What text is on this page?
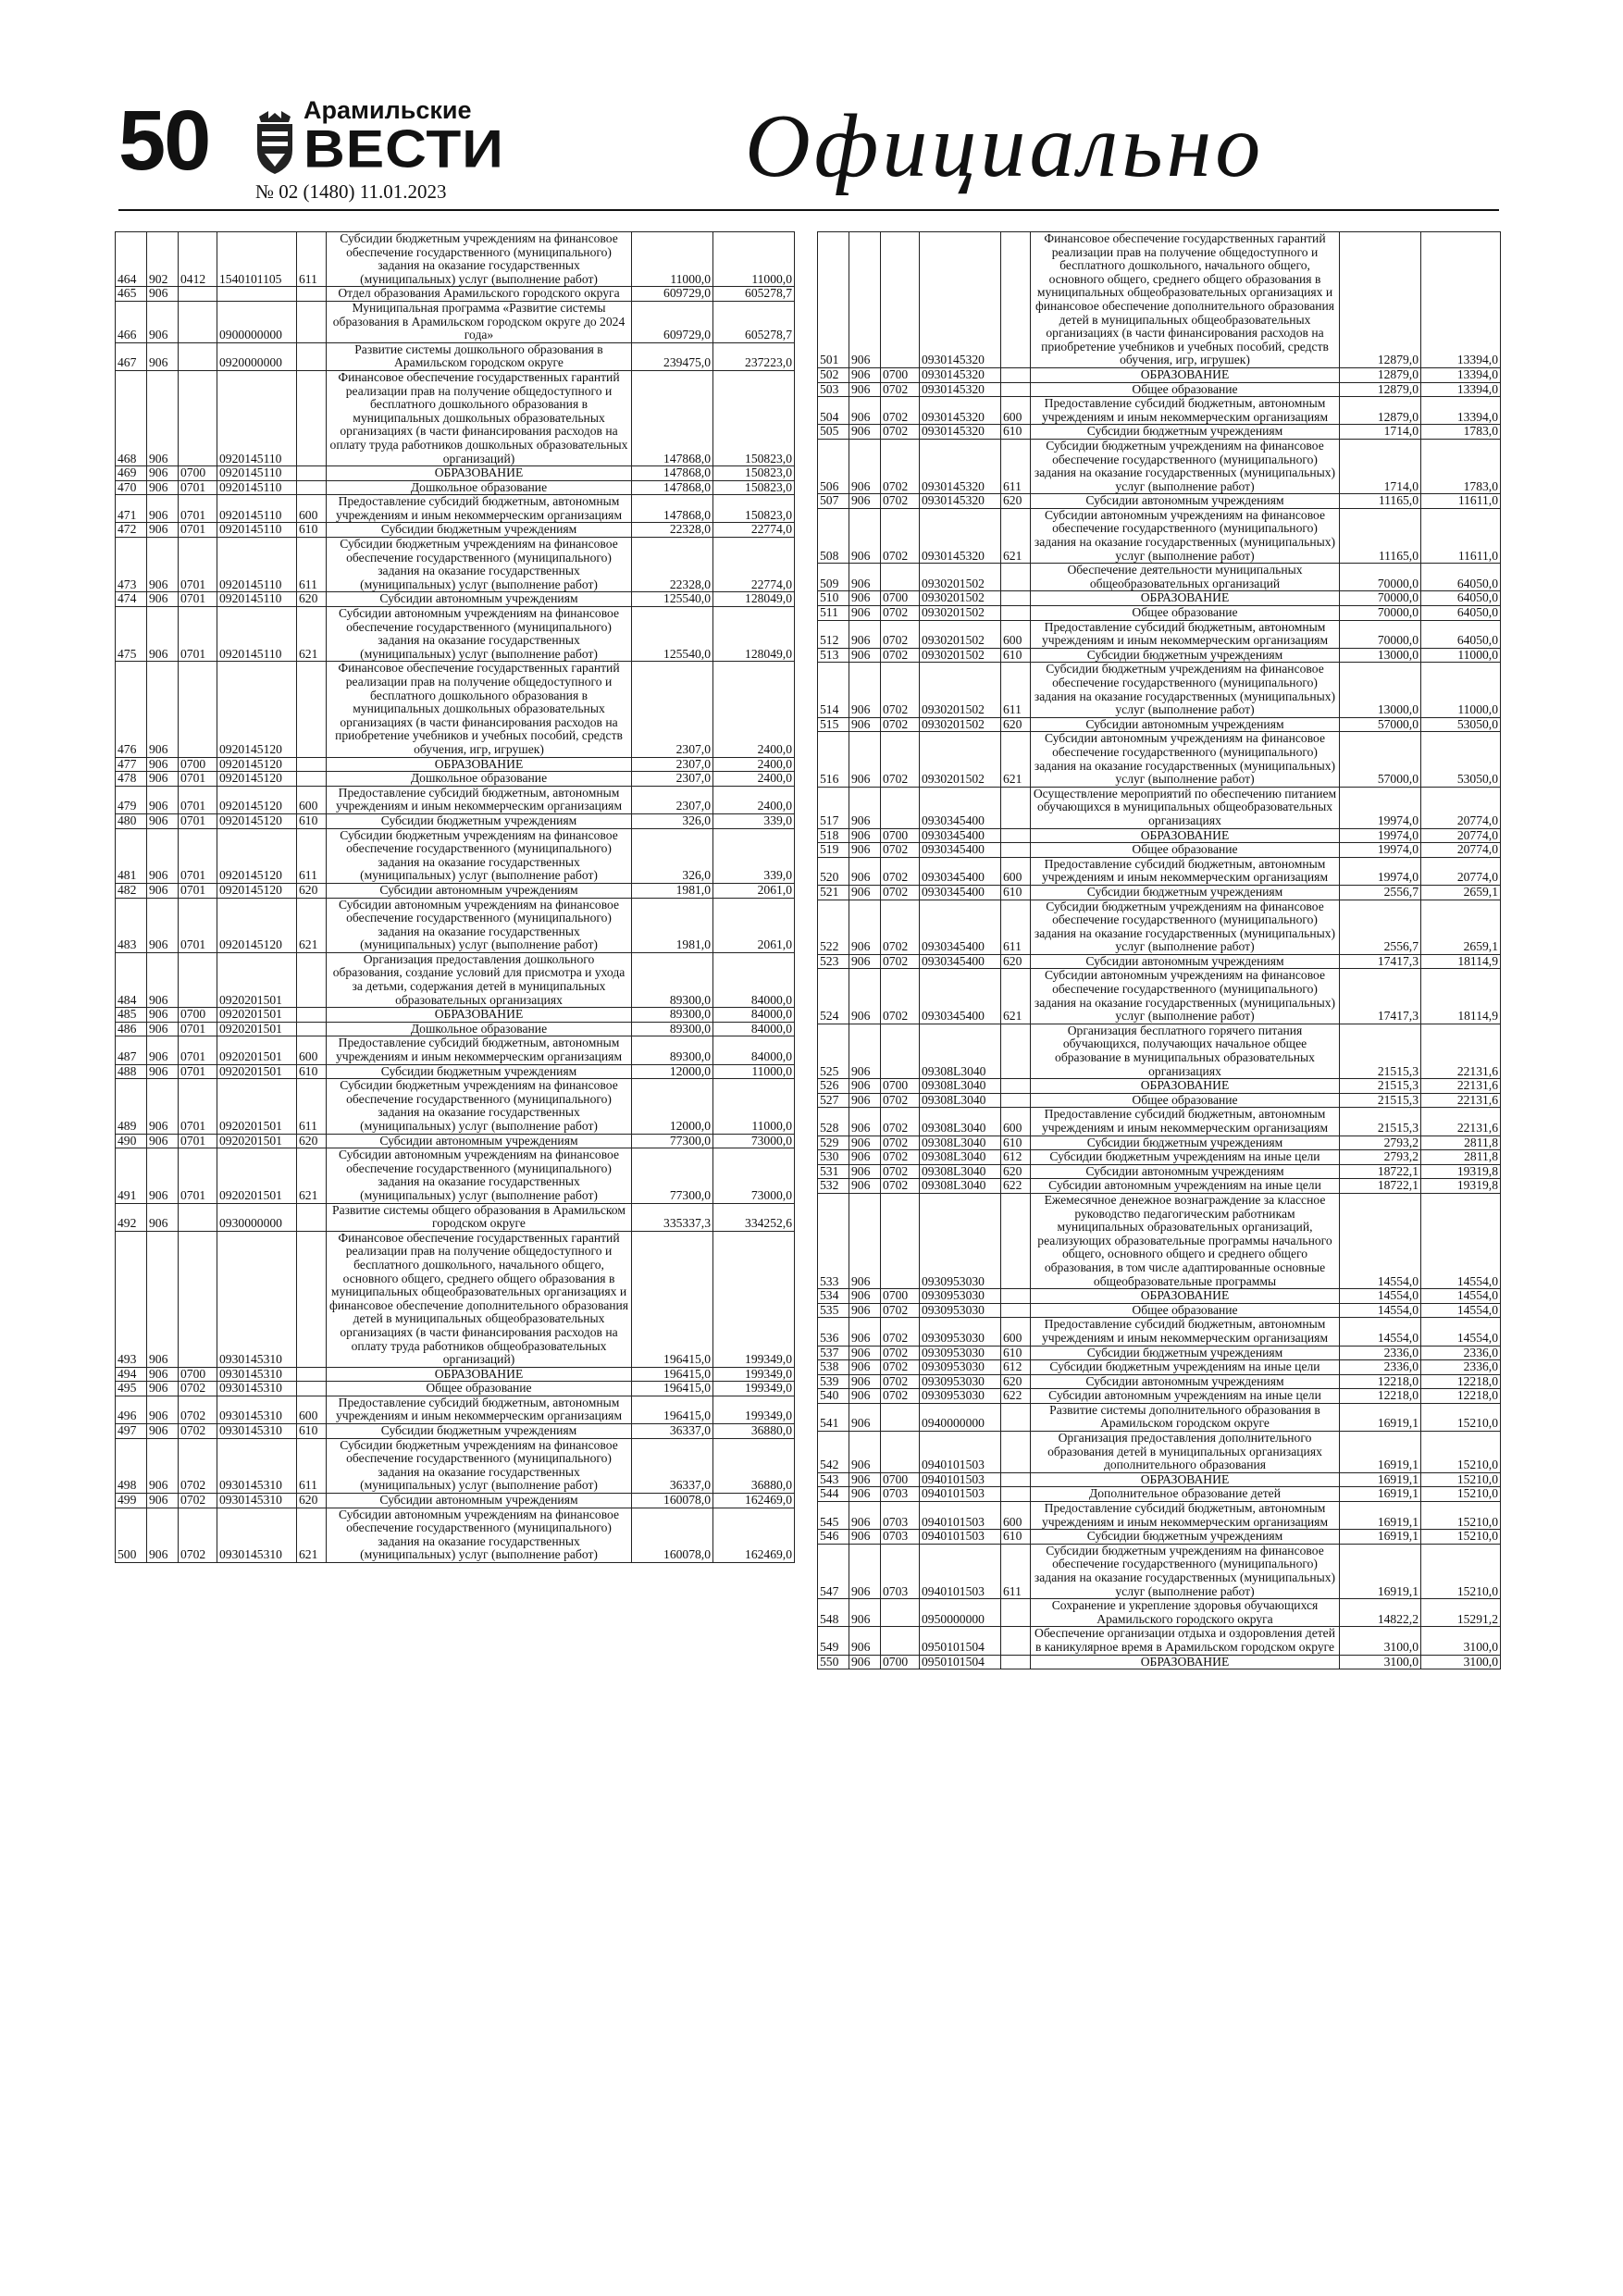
50	Арамильские
ВЕСТИ
№ 02 (1480) 11.01.2023	Официально
464	902	0412	1540101105	611	Субсидии бюджетным учреждениям на финансовое обеспечение государственного (муниципального) задания на оказание государственных (муниципальных) услуг (выполнение работ)	11000,0	11000,0
465	906				Отдел образования Арамильского городского округа	609729,0	605278,7
466	906		0900000000		Муниципальная программа «Развитие системы образования в Арамильском городском округе до 2024 года»	609729,0	605278,7
467	906		0920000000		Развитие системы дошкольного образования в Арамильском городском округе	239475,0	237223,0
468	906		0920145110		Финансовое обеспечение государственных гарантий реализации прав на получение общедоступного и бесплатного дошкольного образования в муниципальных дошкольных образовательных организациях (в части финансирования расходов на оплату труда работников дошкольных образовательных организаций)	147868,0	150823,0
469	906	0700	0920145110		ОБРАЗОВАНИЕ	147868,0	150823,0
470	906	0701	0920145110		Дошкольное образование	147868,0	150823,0
471	906	0701	0920145110	600	Предоставление субсидий бюджетным, автономным учреждениям и иным некоммерческим организациям	147868,0	150823,0
472	906	0701	0920145110	610	Субсидии бюджетным учреждениям	22328,0	22774,0
473	906	0701	0920145110	611	Субсидии бюджетным учреждениям на финансовое обеспечение государственного (муниципального) задания на оказание государственных (муниципальных) услуг (выполнение работ)	22328,0	22774,0
474	906	0701	0920145110	620	Субсидии автономным учреждениям	125540,0	128049,0
475	906	0701	0920145110	621	Субсидии автономным учреждениям на финансовое обеспечение государственного (муниципального) задания на оказание государственных (муниципальных) услуг (выполнение работ)	125540,0	128049,0
476	906		0920145120		Финансовое обеспечение государственных гарантий реализации прав на получение общедоступного и бесплатного дошкольного образования в муниципальных дошкольных образовательных организациях (в части финансирования расходов на приобретение учебников и учебных пособий, средств обучения, игр, игрушек)	2307,0	2400,0
477	906	0700	0920145120		ОБРАЗОВАНИЕ	2307,0	2400,0
478	906	0701	0920145120		Дошкольное образование	2307,0	2400,0
479	906	0701	0920145120	600	Предоставление субсидий бюджетным, автономным учреждениям и иным некоммерческим организациям	2307,0	2400,0
480	906	0701	0920145120	610	Субсидии бюджетным учреждениям	326,0	339,0
481	906	0701	0920145120	611	Субсидии бюджетным учреждениям на финансовое обеспечение государственного (муниципального) задания на оказание государственных (муниципальных) услуг (выполнение работ)	326,0	339,0
482	906	0701	0920145120	620	Субсидии автономным учреждениям	1981,0	2061,0
483	906	0701	0920145120	621	Субсидии автономным учреждениям на финансовое обеспечение государственного (муниципального) задания на оказание государственных (муниципальных) услуг (выполнение работ)	1981,0	2061,0
484	906		0920201501		Организация предоставления дошкольного образования, создание условий для присмотра и ухода за детьми, содержания детей в муниципальных образовательных организациях	89300,0	84000,0
485	906	0700	0920201501		ОБРАЗОВАНИЕ	89300,0	84000,0
486	906	0701	0920201501		Дошкольное образование	89300,0	84000,0
487	906	0701	0920201501	600	Предоставление субсидий бюджетным, автономным учреждениям и иным некоммерческим организациям	89300,0	84000,0
488	906	0701	0920201501	610	Субсидии бюджетным учреждениям	12000,0	11000,0
489	906	0701	0920201501	611	Субсидии бюджетным учреждениям на финансовое обеспечение государственного (муниципального) задания на оказание государственных (муниципальных) услуг (выполнение работ)	12000,0	11000,0
490	906	0701	0920201501	620	Субсидии автономным учреждениям	77300,0	73000,0
491	906	0701	0920201501	621	Субсидии автономным учреждениям на финансовое обеспечение государственного (муниципального) задания на оказание государственных (муниципальных) услуг (выполнение работ)	77300,0	73000,0
492	906		0930000000		Развитие системы общего образования в Арамильском городском округе	335337,3	334252,6
493	906		0930145310		Финансовое обеспечение государственных гарантий реализации прав на получение общедоступного и бесплатного дошкольного, начального общего, основного общего, среднего общего образования в муниципальных общеобразовательных организациях и финансовое обеспечение дополнительного образования детей в муниципальных общеобразовательных организациях (в части финансирования расходов на оплату труда работников общеобразовательных организаций)	196415,0	199349,0
494	906	0700	0930145310		ОБРАЗОВАНИЕ	196415,0	199349,0
495	906	0702	0930145310		Общее образование	196415,0	199349,0
496	906	0702	0930145310	600	Предоставление субсидий бюджетным, автономным учреждениям и иным некоммерческим организациям	196415,0	199349,0
497	906	0702	0930145310	610	Субсидии бюджетным учреждениям	36337,0	36880,0
498	906	0702	0930145310	611	Субсидии бюджетным учреждениям на финансовое обеспечение государственного (муниципального) задания на оказание государственных (муниципальных) услуг (выполнение работ)	36337,0	36880,0
499	906	0702	0930145310	620	Субсидии автономным учреждениям	160078,0	162469,0
500	906	0702	0930145310	621	Субсидии автономным учреждениям на финансовое обеспечение государственного (муниципального) задания на оказание государственных (муниципальных) услуг (выполнение работ)	160078,0	162469,0
501	906		0930145320		Финансовое обеспечение государственных гарантий реализации прав на получение общедоступного и бесплатного дошкольного, начального общего, основного общего, среднего общего образования в муниципальных общеобразовательных организациях и финансовое обеспечение дополнительного образования детей в муниципальных общеобразовательных организациях (в части финансирования расходов на приобретение учебников и учебных пособий, средств обучения, игр, игрушек)	12879,0	13394,0
502	906	0700	0930145320		ОБРАЗОВАНИЕ	12879,0	13394,0
503	906	0702	0930145320		Общее образование	12879,0	13394,0
504	906	0702	0930145320	600	Предоставление субсидий бюджетным, автономным учреждениям и иным некоммерческим организациям	12879,0	13394,0
505	906	0702	0930145320	610	Субсидии бюджетным учреждениям	1714,0	1783,0
506	906	0702	0930145320	611	Субсидии бюджетным учреждениям на финансовое обеспечение государственного (муниципального) задания на оказание государственных (муниципальных) услуг (выполнение работ)	1714,0	1783,0
507	906	0702	0930145320	620	Субсидии автономным учреждениям	11165,0	11611,0
508	906	0702	0930145320	621	Субсидии автономным учреждениям на финансовое обеспечение государственного (муниципального) задания на оказание государственных (муниципальных) услуг (выполнение работ)	11165,0	11611,0
509	906		0930201502		Обеспечение деятельности муниципальных общеобразовательных организаций	70000,0	64050,0
510	906	0700	0930201502		ОБРАЗОВАНИЕ	70000,0	64050,0
511	906	0702	0930201502		Общее образование	70000,0	64050,0
512	906	0702	0930201502	600	Предоставление субсидий бюджетным, автономным учреждениям и иным некоммерческим организациям	70000,0	64050,0
513	906	0702	0930201502	610	Субсидии бюджетным учреждениям	13000,0	11000,0
514	906	0702	0930201502	611	Субсидии бюджетным учреждениям на финансовое обеспечение государственного (муниципального) задания на оказание государственных (муниципальных) услуг (выполнение работ)	13000,0	11000,0
515	906	0702	0930201502	620	Субсидии автономным учреждениям	57000,0	53050,0
516	906	0702	0930201502	621	Субсидии автономным учреждениям на финансовое обеспечение государственного (муниципального) задания на оказание государственных (муниципальных) услуг (выполнение работ)	57000,0	53050,0
517	906		0930345400		Осуществление мероприятий по обеспечению питанием обучающихся в муниципальных общеобразовательных организациях	19974,0	20774,0
518	906	0700	0930345400		ОБРАЗОВАНИЕ	19974,0	20774,0
519	906	0702	0930345400		Общее образование	19974,0	20774,0
520	906	0702	0930345400	600	Предоставление субсидий бюджетным, автономным учреждениям и иным некоммерческим организациям	19974,0	20774,0
521	906	0702	0930345400	610	Субсидии бюджетным учреждениям	2556,7	2659,1
522	906	0702	0930345400	611	Субсидии бюджетным учреждениям на финансовое обеспечение государственного (муниципального) задания на оказание государственных (муниципальных) услуг (выполнение работ)	2556,7	2659,1
523	906	0702	0930345400	620	Субсидии автономным учреждениям	17417,3	18114,9
524	906	0702	0930345400	621	Субсидии автономным учреждениям на финансовое обеспечение государственного (муниципального) задания на оказание государственных (муниципальных) услуг (выполнение работ)	17417,3	18114,9
525	906		09308L3040		Организация бесплатного горячего питания обучающихся, получающих начальное общее образование в муниципальных образовательных организациях	21515,3	22131,6
526	906	0700	09308L3040		ОБРАЗОВАНИЕ	21515,3	22131,6
527	906	0702	09308L3040		Общее образование	21515,3	22131,6
528	906	0702	09308L3040	600	Предоставление субсидий бюджетным, автономным учреждениям и иным некоммерческим организациям	21515,3	22131,6
529	906	0702	09308L3040	610	Субсидии бюджетным учреждениям	2793,2	2811,8
530	906	0702	09308L3040	612	Субсидии бюджетным учреждениям на иные цели	2793,2	2811,8
531	906	0702	09308L3040	620	Субсидии автономным учреждениям	18722,1	19319,8
532	906	0702	09308L3040	622	Субсидии автономным учреждениям на иные цели	18722,1	19319,8
533	906		0930953030		Ежемесячное денежное вознаграждение за классное руководство педагогическим работникам муниципальных образовательных организаций, реализующих образовательные программы начального общего, основного общего и среднего общего образования, в том числе адаптированные основные общеобразовательные программы	14554,0	14554,0
534	906	0700	0930953030		ОБРАЗОВАНИЕ	14554,0	14554,0
535	906	0702	0930953030		Общее образование	14554,0	14554,0
536	906	0702	0930953030	600	Предоставление субсидий бюджетным, автономным учреждениям и иным некоммерческим организациям	14554,0	14554,0
537	906	0702	0930953030	610	Субсидии бюджетным учреждениям	2336,0	2336,0
538	906	0702	0930953030	612	Субсидии бюджетным учреждениям на иные цели	2336,0	2336,0
539	906	0702	0930953030	620	Субсидии автономным учреждениям	12218,0	12218,0
540	906	0702	0930953030	622	Субсидии автономным учреждениям на иные цели	12218,0	12218,0
541	906		0940000000		Развитие системы дополнительного образования в Арамильском городском округе	16919,1	15210,0
542	906		0940101503		Организация предоставления дополнительного образования детей в муниципальных организациях дополнительного образования	16919,1	15210,0
543	906	0700	0940101503		ОБРАЗОВАНИЕ	16919,1	15210,0
544	906	0703	0940101503		Дополнительное образование детей	16919,1	15210,0
545	906	0703	0940101503	600	Предоставление субсидий бюджетным, автономным учреждениям и иным некоммерческим организациям	16919,1	15210,0
546	906	0703	0940101503	610	Субсидии бюджетным учреждениям	16919,1	15210,0
547	906	0703	0940101503	611	Субсидии бюджетным учреждениям на финансовое обеспечение государственного (муниципального) задания на оказание государственных (муниципальных) услуг (выполнение работ)	16919,1	15210,0
548	906		0950000000		Сохранение и укрепление здоровья обучающихся Арамильского городского округа	14822,2	15291,2
549	906		0950101504		Обеспечение организации отдыха и оздоровления детей в каникулярное время в Арамильском городском округе	3100,0	3100,0
550	906	0700	0950101504		ОБРАЗОВАНИЕ	3100,0	3100,0
